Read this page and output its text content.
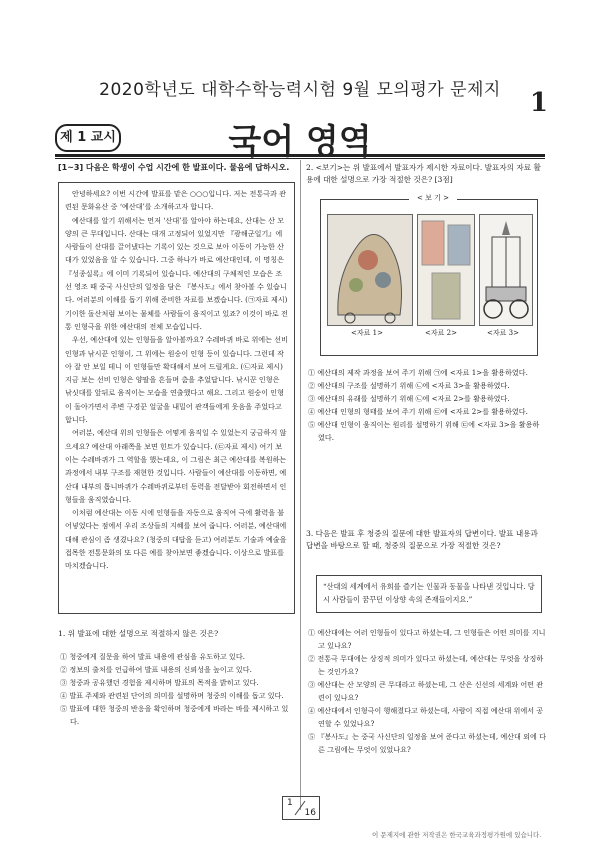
2020학년도 대학수학능력시험 9월 모의평가 문제지	1
제 1 교시	국어 영역
[1~3] 다음은 학생이 수업 시간에 한 발표이다. 물음에 답하시오.

안녕하세요? 이번 시간에 발표를 맡은 ○○○입니다. 저는 전통극과 관련된 문화유산 중 ‘예산대’를 소개하고자 합니다.

예산대를 알기 위해서는 먼저 ‘산대’를 알아야 하는데요, 산대는 산 모양의 큰 무대입니다. 산대는 대개 고정되어 있었지만 『광해군일기』에 사람들이 산대를 끌어냈다는 기록이 있는 것으로 보아 이동이 가능한 산대가 있었음을 알 수 있습니다. 그중 하나가 바로 예산대인데, 이 명칭은 『성종실록』에 이미 기록되어 있습니다. 예산대의 구체적인 모습은 조선 영조 때 중국 사신단의 일정을 담은 『봉사도』에서 찾아볼 수 있습니다. 여러분의 이해를 돕기 위해 준비한 자료를 보겠습니다. (㉠자료 제시) 기이한 돌산처럼 보이는 물체를 사람들이 움직이고 있죠? 이것이 바로 전통 인형극을 위한 예산대의 전체 모습입니다.

우선, 예산대에 있는 인형들을 알아볼까요? 수레바퀴 바로 위에는 선비 인형과 낚시꾼 인형이, 그 위에는 원숭이 인형 등이 있습니다. 그런데 작아 잘 안 보일 테니 이 인형들만 확대해서 보여 드릴게요. (㉡자료 제시) 지금 보는 선비 인형은 양팔을 흔들며 춤을 추었답니다. 낚시꾼 인형은 낚싯대를 앞뒤로 움직이는 모습을 연출했다고 해요. 그리고 원숭이 인형이 돌아가면서 주변 구경꾼 얼굴을 내밀어 관객들에게 웃음을 주었다고 합니다.

여러분, 예산대 위의 인형들은 어떻게 움직일 수 있었는지 궁금하지 않으세요? 예산대 아래쪽을 보면 힌트가 있습니다. (㉢자료 제시) 여기 보이는 수레바퀴가 그 역할을 했는데요, 이 그림은 최근 예산대를 복원하는 과정에서 내부 구조를 재현한 것입니다. 사람들이 예산대를 이동하면, 예산대 내부의 톱니바퀴가 수레바퀴로부터 동력을 전달받아 회전하면서 인형들을 움직였습니다.

이처럼 예산대는 이동 시에 인형들을 자동으로 움직여 극에 활력을 불어넣었다는 점에서 우리 조상들의 지혜를 보여 줍니다. 여러분, 예산대에 대해 관심이 좀 생겼나요? (청중의 대답을 듣고) 여러분도 기술과 예술을 접목한 전통문화의 또 다른 예를 찾아보면 좋겠습니다. 이상으로 발표를 마치겠습니다.

1. 위 발표에 대한 설명으로 적절하지 않은 것은?
① 청중에게 질문을 하여 발표 내용에 관심을 유도하고 있다.
② 정보의 출처를 언급하여 발표 내용의 신뢰성을 높이고 있다.
③ 청중과 공유했던 경험을 제시하며 발표의 목적을 밝히고 있다.
④ 발표 주제와 관련된 단어의 의미를 설명하며 청중의 이해를 돕고 있다.
⑤ 발표에 대한 청중의 반응을 확인하며 청중에게 바라는 바를 제시하고 있다.
2. <보기>는 위 발표에서 발표자가 제시한 자료이다. 발표자의 자료 활용에 대한 설명으로 가장 적절한 것은? [3점]
< 보 기 >
<자료 1>	<자료 2>	<자료 3>
① 예산대의 제작 과정을 보여 주기 위해 ㉠에 <자료 1>을 활용하였다.
② 예산대의 구조를 설명하기 위해 ㉡에 <자료 3>을 활용하였다.
③ 예산대의 유래를 설명하기 위해 ㉡에 <자료 2>를 활용하였다.
④ 예산대 인형의 형태를 보여 주기 위해 ㉢에 <자료 2>를 활용하였다.
⑤ 예산대 인형이 움직이는 원리를 설명하기 위해 ㉢에 <자료 3>을 활용하였다.
3. 다음은 발표 후 청중의 질문에 대한 발표자의 답변이다. 발표 내용과 답변을 바탕으로 할 때, 청중의 질문으로 가장 적절한 것은?
“산대의 세계에서 유희를 즐기는 인물과 동물을 나타낸 것입니다. 당시 사람들이 꿈꾸던 이상향 속의 존재들이지요.”
① 예산대에는 여러 인형들이 있다고 하셨는데, 그 인형들은 어떤 의미를 지니고 있나요?
② 전통극 무대에는 상징적 의미가 있다고 하셨는데, 예산대는 무엇을 상징하는 것인가요?
③ 예산대는 산 모양의 큰 무대라고 하셨는데, 그 산은 신선의 세계와 어떤 관련이 있나요?
④ 예산대에서 인형극이 행해졌다고 하셨는데, 사람이 직접 예산대 위에서 공연할 수 있었나요?
⑤ 『봉사도』는 중국 사신단의 일정을 보여 준다고 하셨는데, 예산대 외에 다른 그림에는 무엇이 있었나요?
1
16
이 문제지에 관한 저작권은 한국교육과정평가원에 있습니다.
